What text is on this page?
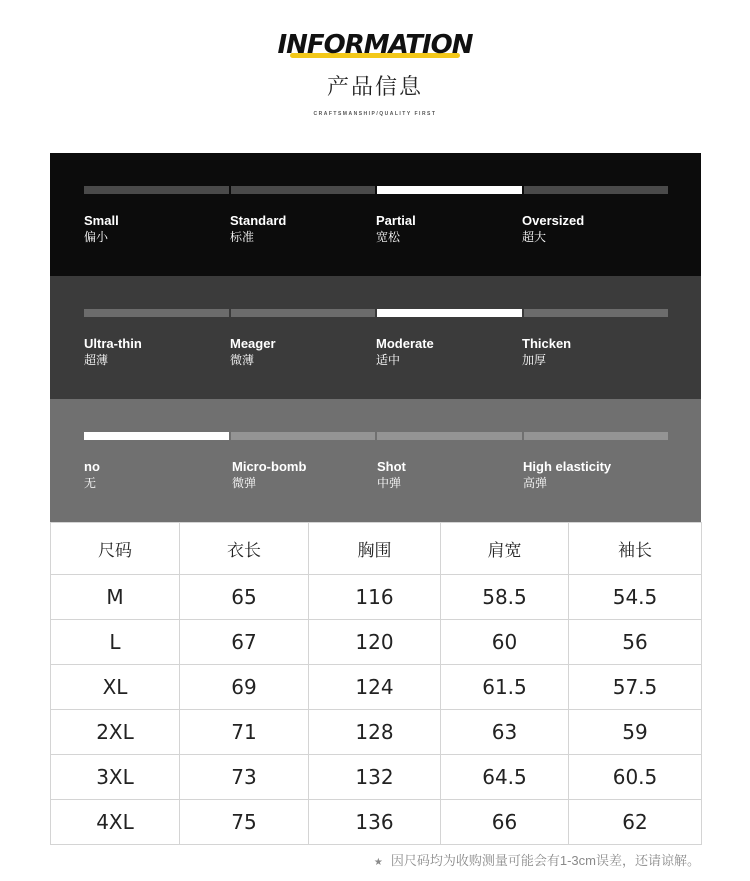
INFORMATION
产品信息
CRAFTSMANSHIP/QUALITY FIRST
Small
偏小
Standard
标准
Partial
宽松
Oversized
超大
Ultra-thin
超薄
Meager
微薄
Moderate
适中
Thicken
加厚
no
无
Micro-bomb
微弹
Shot
中弹
High elasticity
高弹
尺码	衣长	胸围	肩宽	袖长
M	65	116	58.5	54.5
L	67	120	60	56
XL	69	124	61.5	57.5
2XL	71	128	63	59
3XL	73	132	64.5	60.5
4XL	75	136	66	62
★ 因尺码均为收购测量可能会有1-3cm误差，还请谅解。
